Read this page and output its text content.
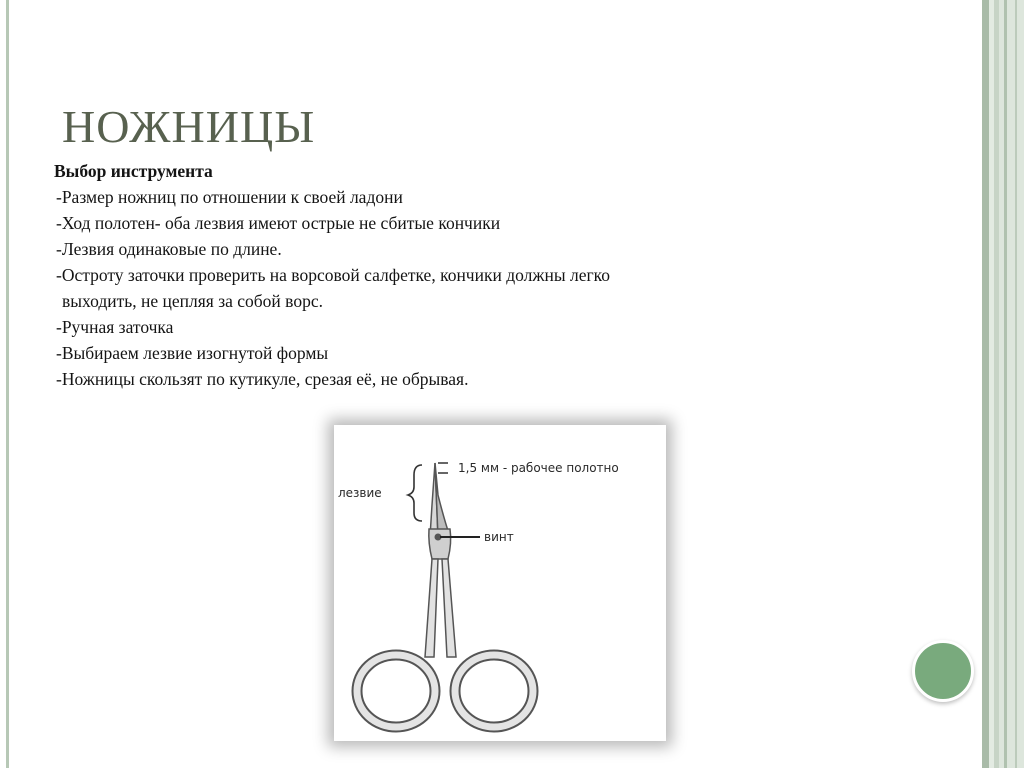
НОЖНИЦЫ
Выбор инструмента
-Размер ножниц по отношении к своей ладони
-Ход полотен- оба лезвия имеют острые не сбитые кончики
-Лезвия одинаковые по длине.
-Остроту заточки проверить на ворсовой салфетке, кончики должны легко
выходить, не цепляя за собой ворс.
-Ручная заточка
-Выбираем лезвие изогнутой формы
-Ножницы скользят по кутикуле, срезая её, не обрывая.
лезвие
1,5 мм - рабочее полотно
винт
